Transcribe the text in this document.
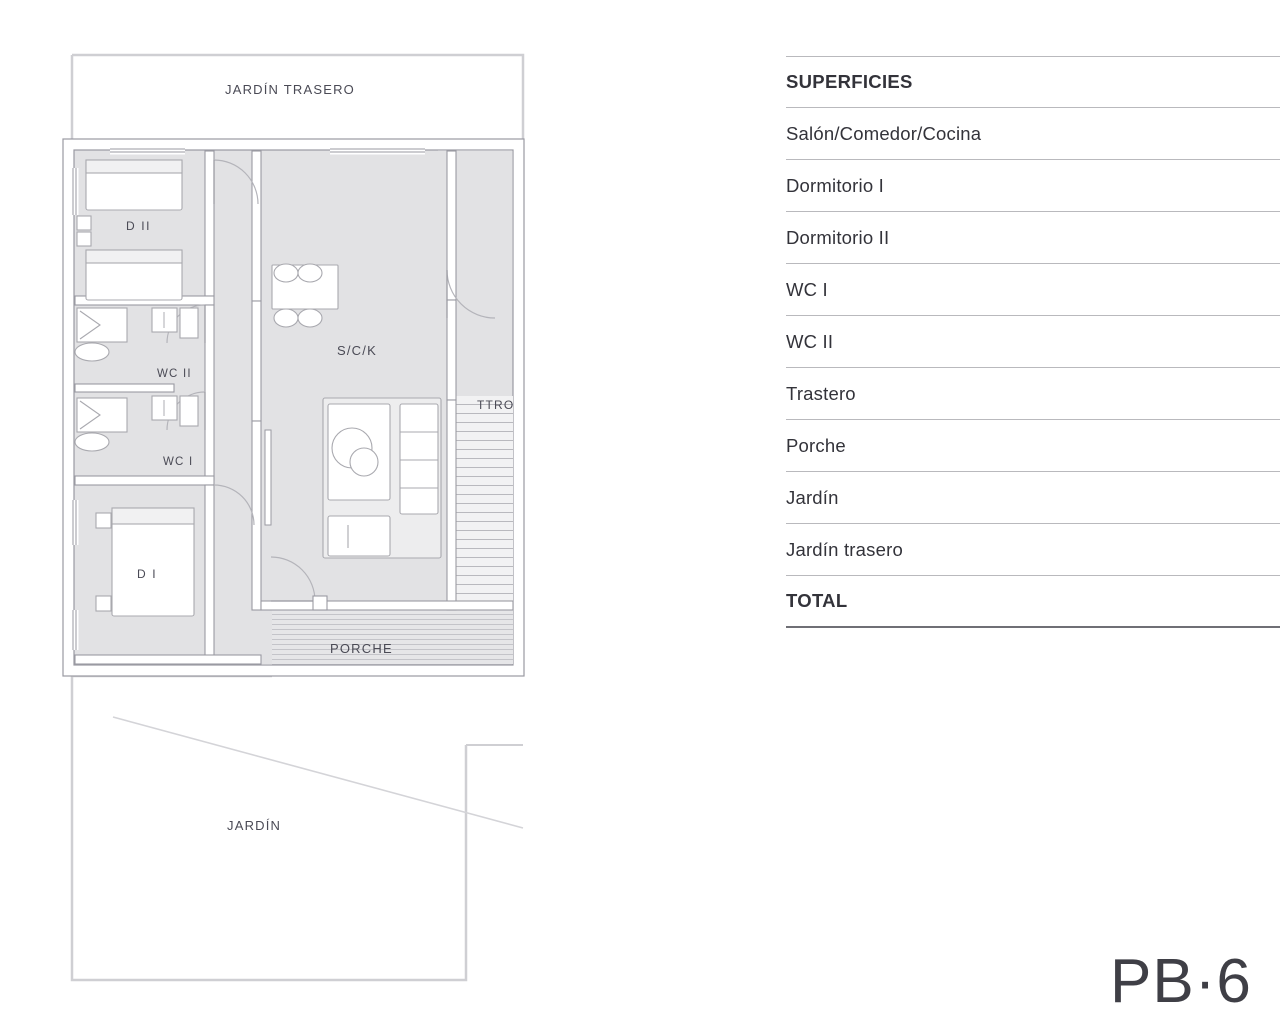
JARDÍN TRASERO
JARDÍN
PORCHE
D II
D I
WC II
WC I
S/C/K
TTRO
SUPERFICIES
Salón/Comedor/Cocina
Dormitorio I
Dormitorio II
WC I
WC II
Trastero
Porche
Jardín
Jardín trasero
TOTAL
PB·6
